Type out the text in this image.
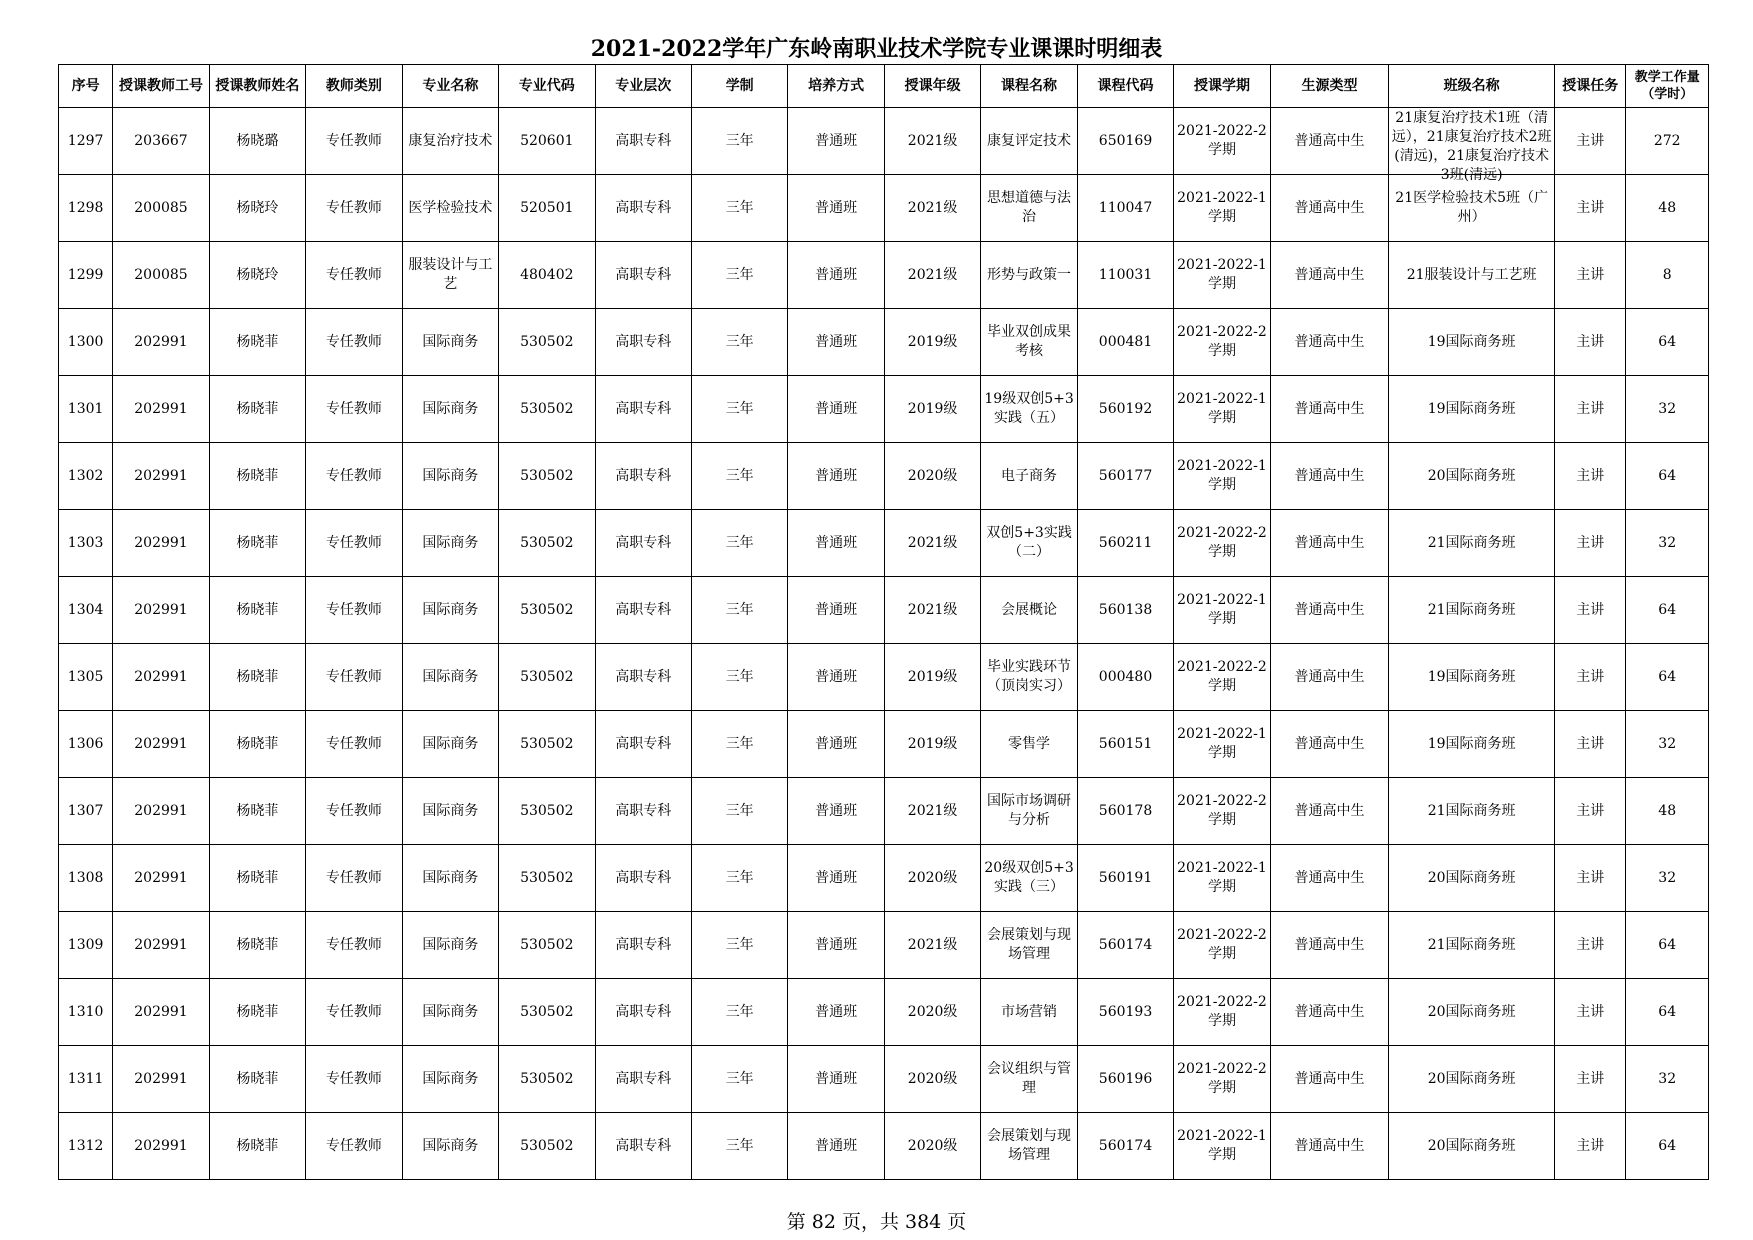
2021-2022学年广东岭南职业技术学院专业课课时明细表
序号	授课教师工号	授课教师姓名	教师类别	专业名称	专业代码	专业层次	学制	培养方式	授课年级	课程名称	课程代码	授课学期	生源类型	班级名称	授课任务	教学工作量（学时）

1297	203667	杨晓璐	专任教师	康复治疗技术	520601	高职专科	三年	普通班	2021级	康复评定技术	650169	2021-2022-2学期	普通高中生	21康复治疗技术1班（清远），21康复治疗技术2班(清远)，21康复治疗技术3班(清远)	主讲	272

1298	200085	杨晓玲	专任教师	医学检验技术	520501	高职专科	三年	普通班	2021级	思想道德与法治	110047	2021-2022-1学期	普通高中生	21医学检验技术5班（广州）	主讲	48

1299	200085	杨晓玲	专任教师	服装设计与工艺	480402	高职专科	三年	普通班	2021级	形势与政策一	110031	2021-2022-1学期	普通高中生	21服装设计与工艺班	主讲	8

1300	202991	杨晓菲	专任教师	国际商务	530502	高职专科	三年	普通班	2019级	毕业双创成果考核	000481	2021-2022-2学期	普通高中生	19国际商务班	主讲	64

1301	202991	杨晓菲	专任教师	国际商务	530502	高职专科	三年	普通班	2019级	19级双创5+3实践（五）	560192	2021-2022-1学期	普通高中生	19国际商务班	主讲	32

1302	202991	杨晓菲	专任教师	国际商务	530502	高职专科	三年	普通班	2020级	电子商务	560177	2021-2022-1学期	普通高中生	20国际商务班	主讲	64

1303	202991	杨晓菲	专任教师	国际商务	530502	高职专科	三年	普通班	2021级	双创5+3实践（二）	560211	2021-2022-2学期	普通高中生	21国际商务班	主讲	32

1304	202991	杨晓菲	专任教师	国际商务	530502	高职专科	三年	普通班	2021级	会展概论	560138	2021-2022-1学期	普通高中生	21国际商务班	主讲	64

1305	202991	杨晓菲	专任教师	国际商务	530502	高职专科	三年	普通班	2019级	毕业实践环节（顶岗实习）	000480	2021-2022-2学期	普通高中生	19国际商务班	主讲	64

1306	202991	杨晓菲	专任教师	国际商务	530502	高职专科	三年	普通班	2019级	零售学	560151	2021-2022-1学期	普通高中生	19国际商务班	主讲	32

1307	202991	杨晓菲	专任教师	国际商务	530502	高职专科	三年	普通班	2021级	国际市场调研与分析	560178	2021-2022-2学期	普通高中生	21国际商务班	主讲	48

1308	202991	杨晓菲	专任教师	国际商务	530502	高职专科	三年	普通班	2020级	20级双创5+3实践（三）	560191	2021-2022-1学期	普通高中生	20国际商务班	主讲	32

1309	202991	杨晓菲	专任教师	国际商务	530502	高职专科	三年	普通班	2021级	会展策划与现场管理	560174	2021-2022-2学期	普通高中生	21国际商务班	主讲	64

1310	202991	杨晓菲	专任教师	国际商务	530502	高职专科	三年	普通班	2020级	市场营销	560193	2021-2022-2学期	普通高中生	20国际商务班	主讲	64

1311	202991	杨晓菲	专任教师	国际商务	530502	高职专科	三年	普通班	2020级	会议组织与管理	560196	2021-2022-2学期	普通高中生	20国际商务班	主讲	32

1312	202991	杨晓菲	专任教师	国际商务	530502	高职专科	三年	普通班	2020级	会展策划与现场管理	560174	2021-2022-1学期	普通高中生	20国际商务班	主讲	64
第 82 页，共 384 页
